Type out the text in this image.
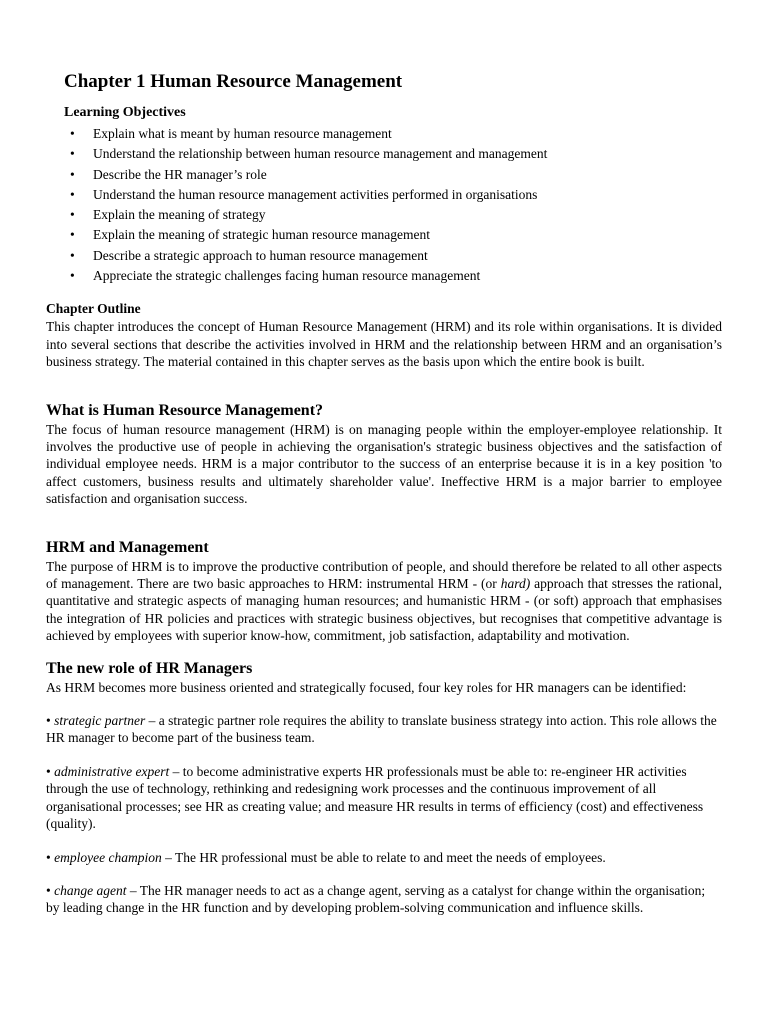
Chapter 1 Human Resource Management
Learning Objectives
• Explain what is meant by human resource management
• Understand the relationship between human resource management and management
• Describe the HR manager’s role
• Understand the human resource management activities performed in organisations
• Explain the meaning of strategy
• Explain the meaning of strategic human resource management
• Describe a strategic approach to human resource management
• Appreciate the strategic challenges facing human resource management
Chapter Outline

This chapter introduces the concept of Human Resource Management (HRM) and its role within organisations. It is divided into several sections that describe the activities involved in HRM and the relationship between HRM and an organisation’s business strategy. The material contained in this chapter serves as the basis upon which the entire book is built.

What is Human Resource Management?

The focus of human resource management (HRM) is on managing people within the employer-employee relationship. It involves the productive use of people in achieving the organisation's strategic business objectives and the satisfaction of individual employee needs. HRM is a major contributor to the success of an enterprise because it is in a key position 'to affect customers, business results and ultimately shareholder value'. Ineffective HRM is a major barrier to employee satisfaction and organisation success.

HRM and Management

The purpose of HRM is to improve the productive contribution of people, and should therefore be related to all other aspects of management. There are two basic approaches to HRM: instrumental HRM - (or hard) approach that stresses the rational, quantitative and strategic aspects of managing human resources; and humanistic HRM - (or soft) approach that emphasises the integration of HR policies and practices with strategic business objectives, but recognises that competitive advantage is achieved by employees with superior know-how, commitment, job satisfaction, adaptability and motivation.

The new role of HR Managers

As HRM becomes more business oriented and strategically focused, four key roles for HR managers can be identified:

• strategic partner – a strategic partner role requires the ability to translate business strategy into action. This role allows the HR manager to become part of the business team.

• administrative expert – to become administrative experts HR professionals must be able to: re-engineer HR activities through the use of technology, rethinking and redesigning work processes and the continuous improvement of all organisational processes; see HR as creating value; and measure HR results in terms of efficiency (cost) and effectiveness (quality).

• employee champion – The HR professional must be able to relate to and meet the needs of employees.

• change agent – The HR manager needs to act as a change agent, serving as a catalyst for change within the organisation; by leading change in the HR function and by developing problem-solving communication and influence skills.
